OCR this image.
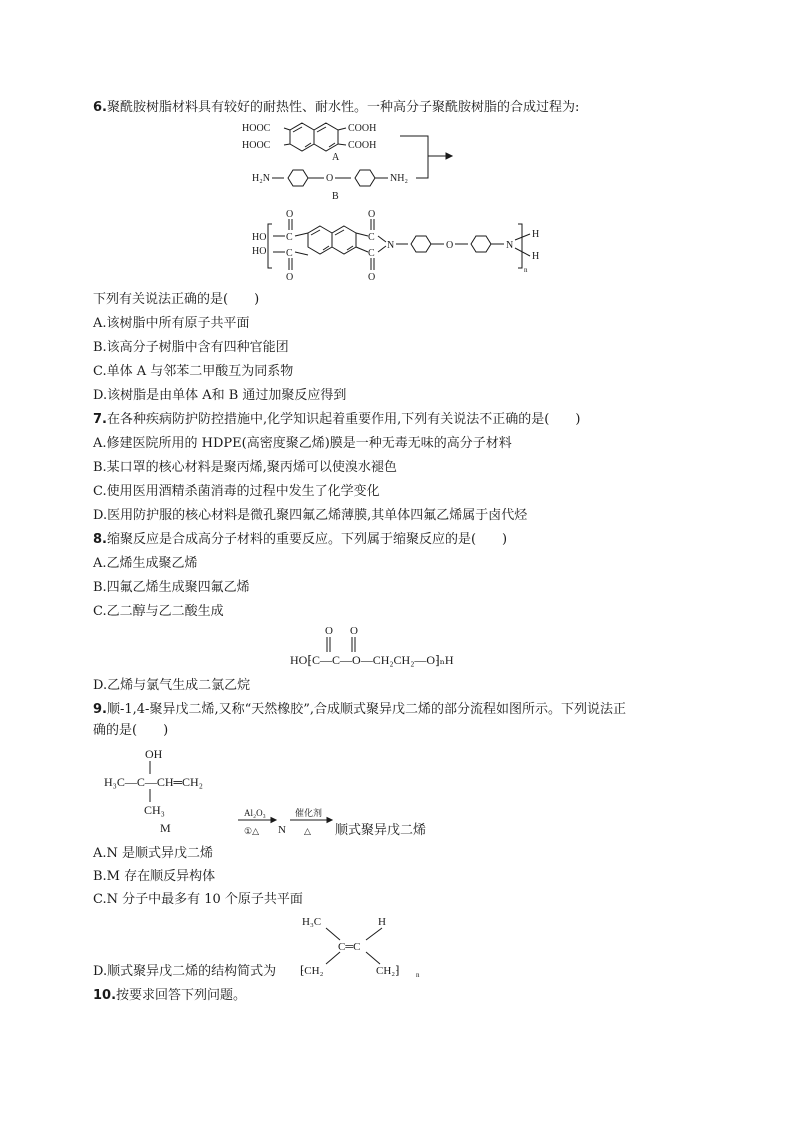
6.聚酰胺树脂材料具有较好的耐热性、耐水性。一种高分子聚酰胺树脂的合成过程为:
HOOC
HOOC
COOH
COOH
A
H₂N	O	NH₂
B
HO
HO
O
C
C
O
O
C
C
O
N	O	N
H
H
n
下列有关说法正确的是(　　)
A.该树脂中所有原子共平面
B.该高分子树脂中含有四种官能团
C.单体 A 与邻苯二甲酸互为同系物
D.该树脂是由单体 A和 B 通过加聚反应得到
7.在各种疾病防护防控措施中,化学知识起着重要作用,下列有关说法不正确的是(　　)
A.修建医院所用的 HDPE(高密度聚乙烯)膜是一种无毒无味的高分子材料
B.某口罩的核心材料是聚丙烯,聚丙烯可以使溴水褪色
C.使用医用酒精杀菌消毒的过程中发生了化学变化
D.医用防护服的核心材料是微孔聚四氟乙烯薄膜,其单体四氟乙烯属于卤代烃
8.缩聚反应是合成高分子材料的重要反应。下列属于缩聚反应的是(　　)
A.乙烯生成聚乙烯
B.四氟乙烯生成聚四氟乙烯
C.乙二醇与乙二酸生成
O O
HO⁅C—C—O—CH₂CH₂—O⁆ₙH
D.乙烯与氯气生成二氯乙烷
9.顺-1,4-聚异戊二烯,又称“天然橡胶”,合成顺式聚异戊二烯的部分流程如图所示。下列说法正
确的是(　　)
OH
H₃C—C—CH═CH₂
CH₃
M
Al₂O₃
①△ N
催化剂
△ 顺式聚异戊二烯
A.N 是顺式异戊二烯
B.M 存在顺反异构体
C.N 分子中最多有 10 个原子共平面
D.顺式聚异戊二烯的结构简式为
H₃C	H
C═C
⁅CH₂	CH₂⁆ n
10.按要求回答下列问题。
